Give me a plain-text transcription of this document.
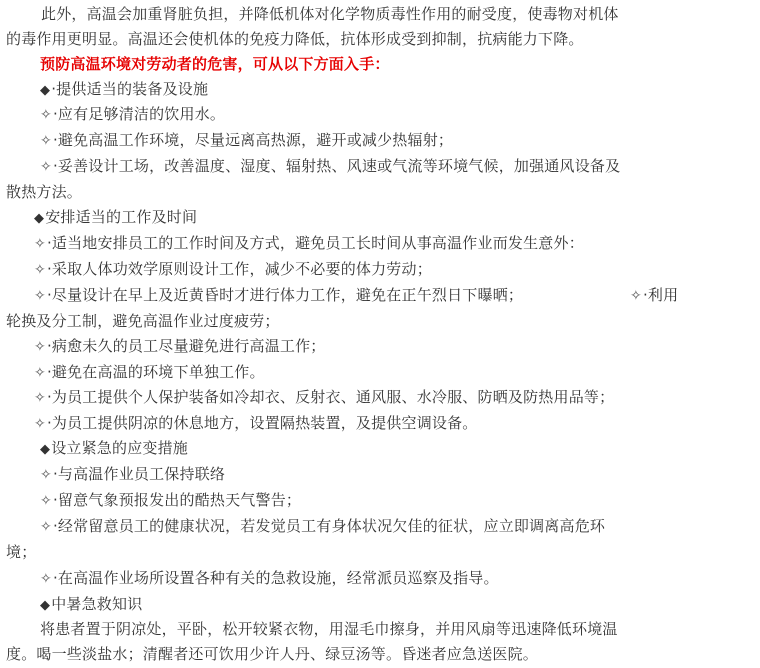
此外，高温会加重肾脏负担，并降低机体对化学物质毒性作用的耐受度，使毒物对机体
的毒作用更明显。高温还会使机体的免疫力降低，抗体形成受到抑制，抗病能力下降。
预防高温环境对劳动者的危害，可从以下方面入手：
◆·提供适当的装备及设施
✧·应有足够清洁的饮用水。
✧·避免高温工作环境，尽量远离高热源，避开或减少热辐射；
✧·妥善设计工场，改善温度、湿度、辐射热、风速或气流等环境气候，加强通风设备及
散热方法。
◆安排适当的工作及时间
✧·适当地安排员工的工作时间及方式，避免员工长时间从事高温作业而发生意外：
✧·采取人体功效学原则设计工作，减少不必要的体力劳动；
✧·尽量设计在早上及近黄昏时才进行体力工作，避免在正午烈日下曝晒；	✧·利用
轮换及分工制，避免高温作业过度疲劳；
✧·病愈未久的员工尽量避免进行高温工作；
✧·避免在高温的环境下单独工作。
✧·为员工提供个人保护装备如冷却衣、反射衣、通风服、水冷服、防晒及防热用品等；
✧·为员工提供阴凉的休息地方，设置隔热装置，及提供空调设备。
◆设立紧急的应变措施
✧·与高温作业员工保持联络
✧·留意气象预报发出的酷热天气警告；
✧·经常留意员工的健康状况，若发觉员工有身体状况欠佳的征状，应立即调离高危环
境；
✧·在高温作业场所设置各种有关的急救设施，经常派员巡察及指导。
◆中暑急救知识
将患者置于阴凉处，平卧，松开较紧衣物，用湿毛巾擦身，并用风扇等迅速降低环境温
度。喝一些淡盐水；清醒者还可饮用少许人丹、绿豆汤等。昏迷者应急送医院。
